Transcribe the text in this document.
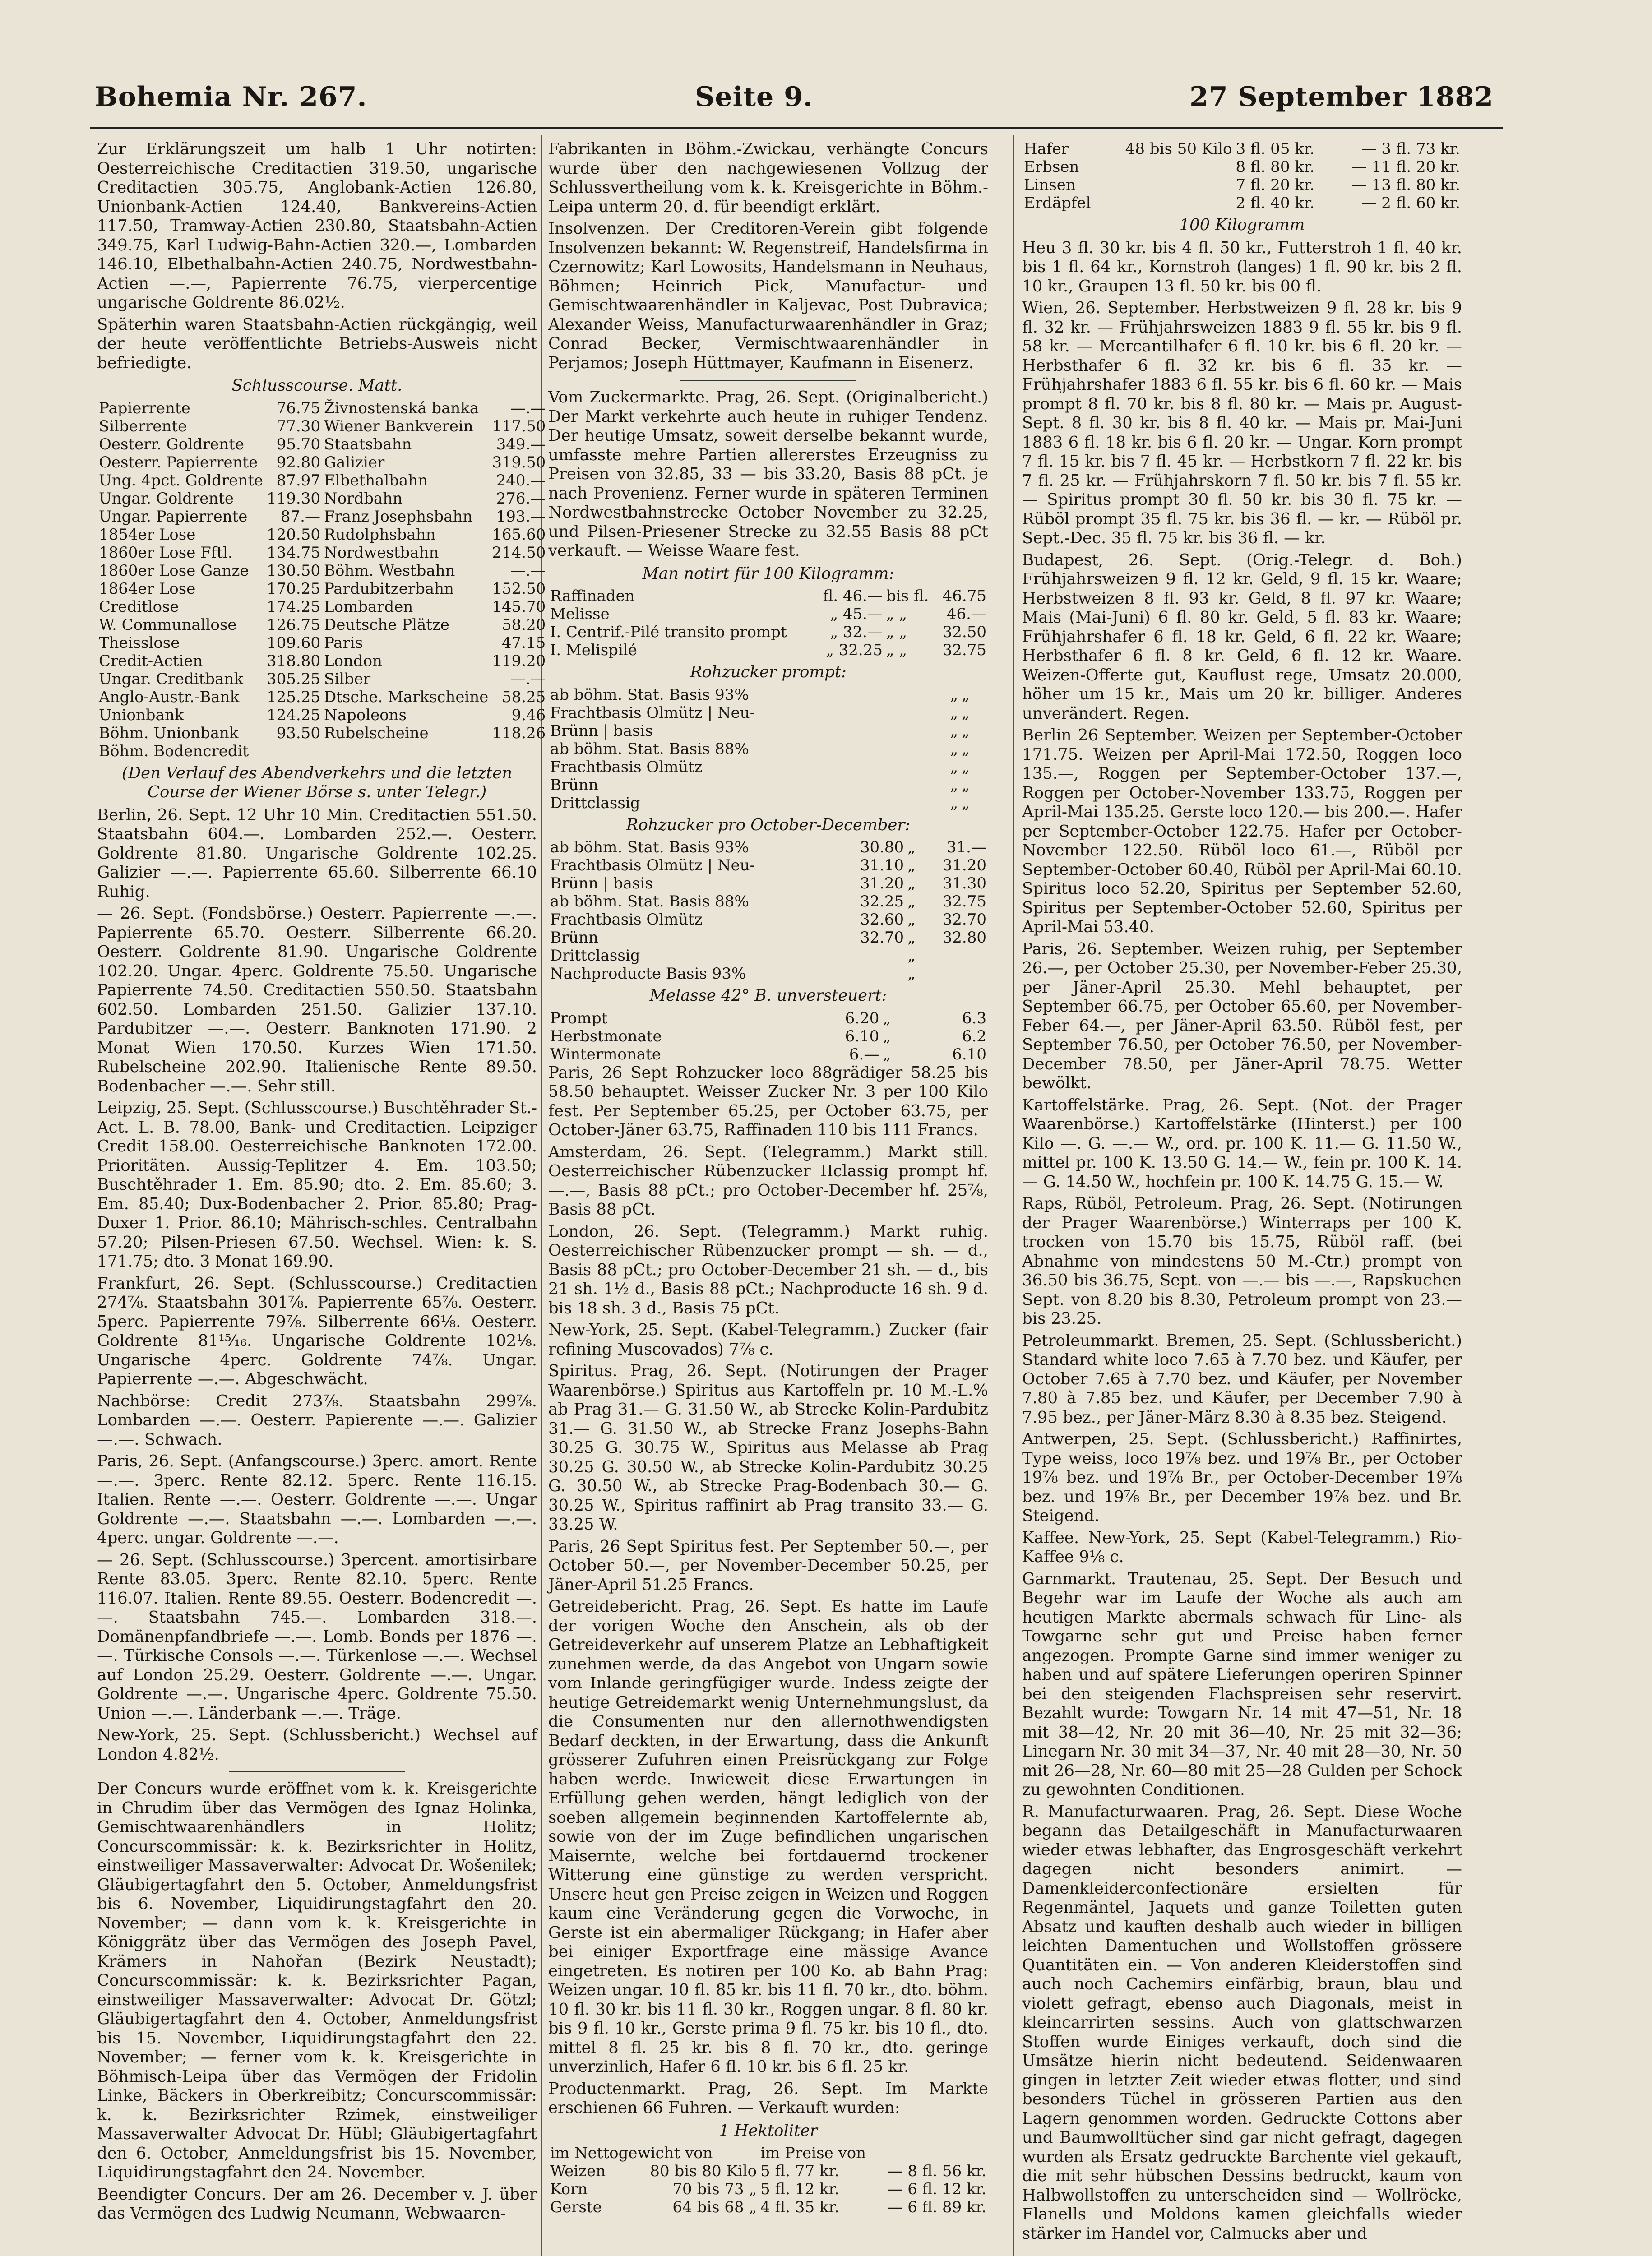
Bohemia Nr. 267.	Seite 9.	27 September 1882

Zur Erklärungszeit um halb 1 Uhr notirten: Oesterreichische Creditactien 319.50, ungarische Creditactien 305.75, Anglobank-Actien 126.80, Unionbank-Actien 124.40, Bankvereins-Actien 117.50, Tramway-Actien 230.80, Staatsbahn-Actien 349.75, Karl Ludwig-Bahn-Actien 320.—, Lombarden 146.10, Elbethalbahn-Actien 240.75, Nordwestbahn-Actien —.—, Papierrente 76.75, vierpercentige ungarische Goldrente 86.02½.

Späterhin waren Staatsbahn-Actien rückgängig, weil der heute veröffentlichte Betriebs-Ausweis nicht befriedigte.

Schlusscourse. Matt.
Papierrente	76.75	Živnostenská banka	—.—
Silberrente	77.30	Wiener Bankverein	117.50
Oesterr. Goldrente	95.70	Staatsbahn	349.—
Oesterr. Papierrente	92.80	Galizier	319.50
Ung. 4pct. Goldrente	87.97	Elbethalbahn	240.—
Ungar. Goldrente	119.30	Nordbahn	276.—
Ungar. Papierrente	87.—	Franz Josephsbahn	193.—
1854er Lose	120.50	Rudolphsbahn	165.60
1860er Lose Fftl.	134.75	Nordwestbahn	214.50
1860er Lose Ganze	130.50	Böhm. Westbahn	—.—
1864er Lose	170.25	Pardubitzerbahn	152.50
Creditlose	174.25	Lombarden	145.70
W. Communallose	126.75	Deutsche Plätze	58.20
Theisslose	109.60	Paris	47.15
Credit-Actien	318.80	London	119.20
Ungar. Creditbank	305.25	Silber	—.—
Anglo-Austr.-Bank	125.25	Dtsche. Markscheine	58.25
Unionbank	124.25	Napoleons	9.46
Böhm. Unionbank	93.50	Rubelscheine	118.26
Böhm. Bodencredit			

(Den Verlauf des Abendverkehrs und die letzten Course der Wiener Börse s. unter Telegr.)

Berlin, 26. Sept. 12 Uhr 10 Min. Creditactien 551.50. Staatsbahn 604.—. Lombarden 252.—. Oesterr. Goldrente 81.80. Ungarische Goldrente 102.25. Galizier —.—. Papierrente 65.60. Silberrente 66.10 Ruhig.

— 26. Sept. (Fondsbörse.) Oesterr. Papierrente —.—. Papierrente 65.70. Oesterr. Silberrente 66.20. Oesterr. Goldrente 81.90. Ungarische Goldrente 102.20. Ungar. 4perc. Goldrente 75.50. Ungarische Papierrente 74.50. Creditactien 550.50. Staatsbahn 602.50. Lombarden 251.50. Galizier 137.10. Pardubitzer —.—. Oesterr. Banknoten 171.90. 2 Monat Wien 170.50. Kurzes Wien 171.50. Rubelscheine 202.90. Italienische Rente 89.50. Bodenbacher —.—. Sehr still.

Leipzig, 25. Sept. (Schlusscourse.) Buschtěhrader St.-Act. L. B. 78.00, Bank- und Creditactien. Leipziger Credit 158.00. Oesterreichische Banknoten 172.00. Prioritäten. Aussig-Teplitzer 4. Em. 103.50; Buschtěhrader 1. Em. 85.90; dto. 2. Em. 85.60; 3. Em. 85.40; Dux-Bodenbacher 2. Prior. 85.80; Prag-Duxer 1. Prior. 86.10; Mährisch-schles. Centralbahn 57.20; Pilsen-Priesen 67.50. Wechsel. Wien: k. S. 171.75; dto. 3 Monat 169.90.

Frankfurt, 26. Sept. (Schlusscourse.) Creditactien 274⅞. Staatsbahn 301⅞. Papierrente 65⅞. Oesterr. 5perc. Papierrente 79⅞. Silberrente 66⅛. Oesterr. Goldrente 81¹⁵⁄₁₆. Ungarische Goldrente 102⅛. Ungarische 4perc. Goldrente 74⅞. Ungar. Papierrente —.—. Abgeschwächt.

Nachbörse: Credit 273⅞. Staatsbahn 299⅞. Lombarden —.—. Oesterr. Papierente —.—. Galizier —.—. Schwach.

Paris, 26. Sept. (Anfangscourse.) 3perc. amort. Rente —.—. 3perc. Rente 82.12. 5perc. Rente 116.15. Italien. Rente —.—. Oesterr. Goldrente —.—. Ungar Goldrente —.—. Staatsbahn —.—. Lombarden —.—. 4perc. ungar. Goldrente —.—.

— 26. Sept. (Schlusscourse.) 3percent. amortisirbare Rente 83.05. 3perc. Rente 82.10. 5perc. Rente 116.07. Italien. Rente 89.55. Oesterr. Bodencredit —.—. Staatsbahn 745.—. Lombarden 318.—. Domänenpfandbriefe —.—. Lomb. Bonds per 1876 —.—. Türkische Consols —.—. Türkenlose —.—. Wechsel auf London 25.29. Oesterr. Goldrente —.—. Ungar. Goldrente —.—. Ungarische 4perc. Goldrente 75.50. Union —.—. Länderbank —.—. Träge.

New-York, 25. Sept. (Schlussbericht.) Wechsel auf London 4.82½.

Der Concurs wurde eröffnet vom k. k. Kreisgerichte in Chrudim über das Vermögen des Ignaz Holinka, Gemischtwaarenhändlers in Holitz; Concurscommissär: k. k. Bezirksrichter in Holitz, einstweiliger Massaverwalter: Advocat Dr. Wošenilek; Gläubigertagfahrt den 5. October, Anmeldungsfrist bis 6. November, Liquidirungstagfahrt den 20. November; — dann vom k. k. Kreisgerichte in Königgrätz über das Vermögen des Joseph Pavel, Krämers in Nahořan (Bezirk Neustadt); Concurscommissär: k. k. Bezirksrichter Pagan, einstweiliger Massaverwalter: Advocat Dr. Götzl; Gläubigertagfahrt den 4. October, Anmeldungsfrist bis 15. November, Liquidirungstagfahrt den 22. November; — ferner vom k. k. Kreisgerichte in Böhmisch-Leipa über das Vermögen der Fridolin Linke, Bäckers in Oberkreibitz; Concurscommissär: k. k. Bezirksrichter Rzimek, einstweiliger Massaverwalter Advocat Dr. Hübl; Gläubigertagfahrt den 6. October, Anmeldungsfrist bis 15. November, Liquidirungstagfahrt den 24. November.

Beendigter Concurs. Der am 26. December v. J. über das Vermögen des Ludwig Neumann, Webwaaren-

Fabrikanten in Böhm.-Zwickau, verhängte Concurs wurde über den nachgewiesenen Vollzug der Schlussvertheilung vom k. k. Kreisgerichte in Böhm.-Leipa unterm 20. d. für beendigt erklärt.

Insolvenzen. Der Creditoren-Verein gibt folgende Insolvenzen bekannt: W. Regenstreif, Handelsfirma in Czernowitz; Karl Lowosits, Handelsmann in Neuhaus, Böhmen; Heinrich Pick, Manufactur- und Gemischtwaarenhändler in Kaljevac, Post Dubravica; Alexander Weiss, Manufacturwaarenhändler in Graz; Conrad Becker, Vermischtwaarenhändler in Perjamos; Joseph Hüttmayer, Kaufmann in Eisenerz.

Vom Zuckermarkte. Prag, 26. Sept. (Originalbericht.) Der Markt verkehrte auch heute in ruhiger Tendenz. Der heutige Umsatz, soweit derselbe bekannt wurde, umfasste mehre Partien allererstes Erzeugniss zu Preisen von 32.85, 33 — bis 33.20, Basis 88 pCt. je nach Provenienz. Ferner wurde in späteren Terminen Nordwestbahnstrecke October November zu 32.25, und Pilsen-Priesener Strecke zu 32.55 Basis 88 pCt verkauft. — Weisse Waare fest.

Man notirt für 100 Kilogramm:
Raffinaden	fl. 46.—	bis fl.	46.75
Melisse	„ 45.—	„ „	46.—
I. Centrif.-Pilé transito prompt	„ 32.—	„ „	32.50
I. Melispilé	„ 32.25	„ „	32.75
Rohzucker prompt:
ab böhm. Stat. Basis 93%	„	„	
Frachtbasis Olmütz | Neu-	„	„	
Brünn | basis	„	„	
ab böhm. Stat. Basis 88%	„	„	
Frachtbasis Olmütz	„	„	
Brünn	„	„	
Drittclassig	„	„	
Rohzucker pro October-December:
ab böhm. Stat. Basis 93%	30.80	„	31.—
Frachtbasis Olmütz | Neu-	31.10	„	31.20
Brünn | basis	31.20	„	31.30
ab böhm. Stat. Basis 88%	32.25	„	32.75
Frachtbasis Olmütz	32.60	„	32.70
Brünn	32.70	„	32.80
Drittclassig		„	
Nachproducte Basis 93%		„	
Melasse 42° B. unversteuert:
Prompt	6.20	„	6.3
Herbstmonate	6.10	„	6.2
Wintermonate	6.—	„	6.10

Paris, 26 Sept Rohzucker loco 88grädiger 58.25 bis 58.50 behauptet. Weisser Zucker Nr. 3 per 100 Kilo fest. Per September 65.25, per October 63.75, per October-Jäner 63.75, Raffinaden 110 bis 111 Francs.

Amsterdam, 26. Sept. (Telegramm.) Markt still. Oesterreichischer Rübenzucker IIclassig prompt hf. —.—, Basis 88 pCt.; pro October-December hf. 25⅞, Basis 88 pCt.

London, 26. Sept. (Telegramm.) Markt ruhig. Oesterreichischer Rübenzucker prompt — sh. — d., Basis 88 pCt.; pro October-December 21 sh. — d., bis 21 sh. 1½ d., Basis 88 pCt.; Nachproducte 16 sh. 9 d. bis 18 sh. 3 d., Basis 75 pCt.

New-York, 25. Sept. (Kabel-Telegramm.) Zucker (fair refining Muscovados) 7⅞ c.

Spiritus. Prag, 26. Sept. (Notirungen der Prager Waarenbörse.) Spiritus aus Kartoffeln pr. 10 M.-L.% ab Prag 31.— G. 31.50 W., ab Strecke Kolin-Pardubitz 31.— G. 31.50 W., ab Strecke Franz Josephs-Bahn 30.25 G. 30.75 W., Spiritus aus Melasse ab Prag 30.25 G. 30.50 W., ab Strecke Kolin-Pardubitz 30.25 G. 30.50 W., ab Strecke Prag-Bodenbach 30.— G. 30.25 W., Spiritus raffinirt ab Prag transito 33.— G. 33.25 W.

Paris, 26 Sept Spiritus fest. Per September 50.—, per October 50.—, per November-December 50.25, per Jäner-April 51.25 Francs.

Getreidebericht. Prag, 26. Sept. Es hatte im Laufe der vorigen Woche den Anschein, als ob der Getreideverkehr auf unserem Platze an Lebhaftigkeit zunehmen werde, da das Angebot von Ungarn sowie vom Inlande geringfügiger wurde. Indess zeigte der heutige Getreidemarkt wenig Unternehmungslust, da die Consumenten nur den allernothwendigsten Bedarf deckten, in der Erwartung, dass die Ankunft grösserer Zufuhren einen Preisrückgang zur Folge haben werde. Inwieweit diese Erwartungen in Erfüllung gehen werden, hängt lediglich von der soeben allgemein beginnenden Kartoffelernte ab, sowie von der im Zuge befindlichen ungarischen Maisernte, welche bei fortdauernd trockener Witterung eine günstige zu werden verspricht. Unsere heut gen Preise zeigen in Weizen und Roggen kaum eine Veränderung gegen die Vorwoche, in Gerste ist ein abermaliger Rückgang; in Hafer aber bei einiger Exportfrage eine mässige Avance eingetreten. Es notiren per 100 Ko. ab Bahn Prag: Weizen ungar. 10 fl. 85 kr. bis 11 fl. 70 kr., dto. böhm. 10 fl. 30 kr. bis 11 fl. 30 kr., Roggen ungar. 8 fl. 80 kr. bis 9 fl. 10 kr., Gerste prima 9 fl. 75 kr. bis 10 fl., dto. mittel 8 fl. 25 kr. bis 8 fl. 70 kr., dto. geringe unverzinlich, Hafer 6 fl. 10 kr. bis 6 fl. 25 kr.

Productenmarkt. Prag, 26. Sept. Im Markte erschienen 66 Fuhren. — Verkauft wurden:

1 Hektoliter
im Nettogewicht von		im Preise von	
Weizen	80 bis 80 Kilo	5 fl. 77 kr.	— 8 fl. 56 kr.
Korn	70 bis 73 „	5 fl. 12 kr.	— 6 fl. 12 kr.
Gerste	64 bis 68 „	4 fl. 35 kr.	— 6 fl. 89 kr.
Hafer	48 bis 50 Kilo	3 fl. 05 kr.	— 3 fl. 73 kr.
Erbsen		8 fl. 80 kr.	— 11 fl. 20 kr.
Linsen		7 fl. 20 kr.	— 13 fl. 80 kr.
Erdäpfel		2 fl. 40 kr.	— 2 fl. 60 kr.
100 Kilogramm

Heu 3 fl. 30 kr. bis 4 fl. 50 kr., Futterstroh 1 fl. 40 kr. bis 1 fl. 64 kr., Kornstroh (langes) 1 fl. 90 kr. bis 2 fl. 10 kr., Graupen 13 fl. 50 kr. bis 00 fl.

Wien, 26. September. Herbstweizen 9 fl. 28 kr. bis 9 fl. 32 kr. — Frühjahrsweizen 1883 9 fl. 55 kr. bis 9 fl. 58 kr. — Mercantilhafer 6 fl. 10 kr. bis 6 fl. 20 kr. — Herbsthafer 6 fl. 32 kr. bis 6 fl. 35 kr. — Frühjahrshafer 1883 6 fl. 55 kr. bis 6 fl. 60 kr. — Mais prompt 8 fl. 70 kr. bis 8 fl. 80 kr. — Mais pr. August-Sept. 8 fl. 30 kr. bis 8 fl. 40 kr. — Mais pr. Mai-Juni 1883 6 fl. 18 kr. bis 6 fl. 20 kr. — Ungar. Korn prompt 7 fl. 15 kr. bis 7 fl. 45 kr. — Herbstkorn 7 fl. 22 kr. bis 7 fl. 25 kr. — Frühjahrskorn 7 fl. 50 kr. bis 7 fl. 55 kr. — Spiritus prompt 30 fl. 50 kr. bis 30 fl. 75 kr. — Rüböl prompt 35 fl. 75 kr. bis 36 fl. — kr. — Rüböl pr. Sept.-Dec. 35 fl. 75 kr. bis 36 fl. — kr.

Budapest, 26. Sept. (Orig.-Telegr. d. Boh.) Frühjahrsweizen 9 fl. 12 kr. Geld, 9 fl. 15 kr. Waare; Herbstweizen 8 fl. 93 kr. Geld, 8 fl. 97 kr. Waare; Mais (Mai-Juni) 6 fl. 80 kr. Geld, 5 fl. 83 kr. Waare; Frühjahrshafer 6 fl. 18 kr. Geld, 6 fl. 22 kr. Waare; Herbsthafer 6 fl. 8 kr. Geld, 6 fl. 12 kr. Waare. Weizen-Offerte gut, Kauflust rege, Umsatz 20.000, höher um 15 kr., Mais um 20 kr. billiger. Anderes unverändert. Regen.

Berlin 26 September. Weizen per September-October 171.75. Weizen per April-Mai 172.50, Roggen loco 135.—, Roggen per September-October 137.—, Roggen per October-November 133.75, Roggen per April-Mai 135.25. Gerste loco 120.— bis 200.—. Hafer per September-October 122.75. Hafer per October-November 122.50. Rüböl loco 61.—, Rüböl per September-October 60.40, Rüböl per April-Mai 60.10. Spiritus loco 52.20, Spiritus per September 52.60, Spiritus per September-October 52.60, Spiritus per April-Mai 53.40.

Paris, 26. September. Weizen ruhig, per September 26.—, per October 25.30, per November-Feber 25.30, per Jäner-April 25.30. Mehl behauptet, per September 66.75, per October 65.60, per November-Feber 64.—, per Jäner-April 63.50. Rüböl fest, per September 76.50, per October 76.50, per November-December 78.50, per Jäner-April 78.75. Wetter bewölkt.

Kartoffelstärke. Prag, 26. Sept. (Not. der Prager Waarenbörse.) Kartoffelstärke (Hinterst.) per 100 Kilo —. G. —.— W., ord. pr. 100 K. 11.— G. 11.50 W., mittel pr. 100 K. 13.50 G. 14.— W., fein pr. 100 K. 14.— G. 14.50 W., hochfein pr. 100 K. 14.75 G. 15.— W.

Raps, Rüböl, Petroleum. Prag, 26. Sept. (Notirungen der Prager Waarenbörse.) Winterraps per 100 K. trocken von 15.70 bis 15.75, Rüböl raff. (bei Abnahme von mindestens 50 M.-Ctr.) prompt von 36.50 bis 36.75, Sept. von —.— bis —.—, Rapskuchen Sept. von 8.20 bis 8.30, Petroleum prompt von 23.— bis 23.25.

Petroleummarkt. Bremen, 25. Sept. (Schlussbericht.) Standard white loco 7.65 à 7.70 bez. und Käufer, per October 7.65 à 7.70 bez. und Käufer, per November 7.80 à 7.85 bez. und Käufer, per December 7.90 à 7.95 bez., per Jäner-März 8.30 à 8.35 bez. Steigend.

Antwerpen, 25. Sept. (Schlussbericht.) Raffinirtes, Type weiss, loco 19⅞ bez. und 19⅞ Br., per October 19⅞ bez. und 19⅞ Br., per October-December 19⅞ bez. und 19⅞ Br., per December 19⅞ bez. und Br. Steigend.

Kaffee. New-York, 25. Sept (Kabel-Telegramm.) Rio-Kaffee 9⅛ c.

Garnmarkt. Trautenau, 25. Sept. Der Besuch und Begehr war im Laufe der Woche als auch am heutigen Markte abermals schwach für Line- als Towgarne sehr gut und Preise haben ferner angezogen. Prompte Garne sind immer weniger zu haben und auf spätere Lieferungen operiren Spinner bei den steigenden Flachspreisen sehr reservirt. Bezahlt wurde: Towgarn Nr. 14 mit 47—51, Nr. 18 mit 38—42, Nr. 20 mit 36—40, Nr. 25 mit 32—36; Linegarn Nr. 30 mit 34—37, Nr. 40 mit 28—30, Nr. 50 mit 26—28, Nr. 60—80 mit 25—28 Gulden per Schock zu gewohnten Conditionen.

R. Manufacturwaaren. Prag, 26. Sept. Diese Woche begann das Detailgeschäft in Manufacturwaaren wieder etwas lebhafter, das Engrosgeschäft verkehrt dagegen nicht besonders animirt. — Damenkleiderconfectionäre ersielten für Regenmäntel, Jaquets und ganze Toiletten guten Absatz und kauften deshalb auch wieder in billigen leichten Damentuchen und Wollstoffen grössere Quantitäten ein. — Von anderen Kleiderstoffen sind auch noch Cachemirs einfärbig, braun, blau und violett gefragt, ebenso auch Diagonals, meist in kleincarrirten sessins. Auch von glattschwarzen Stoffen wurde Einiges verkauft, doch sind die Umsätze hierin nicht bedeutend. Seidenwaaren gingen in letzter Zeit wieder etwas flotter, und sind besonders Tüchel in grösseren Partien aus den Lagern genommen worden. Gedruckte Cottons aber und Baumwolltücher sind gar nicht gefragt, dagegen wurden als Ersatz gedruckte Barchente viel gekauft, die mit sehr hübschen Dessins bedruckt, kaum von Halbwollstoffen zu unterscheiden sind — Wollröcke, Flanells und Moldons kamen gleichfalls wieder stärker im Handel vor, Calmucks aber und
